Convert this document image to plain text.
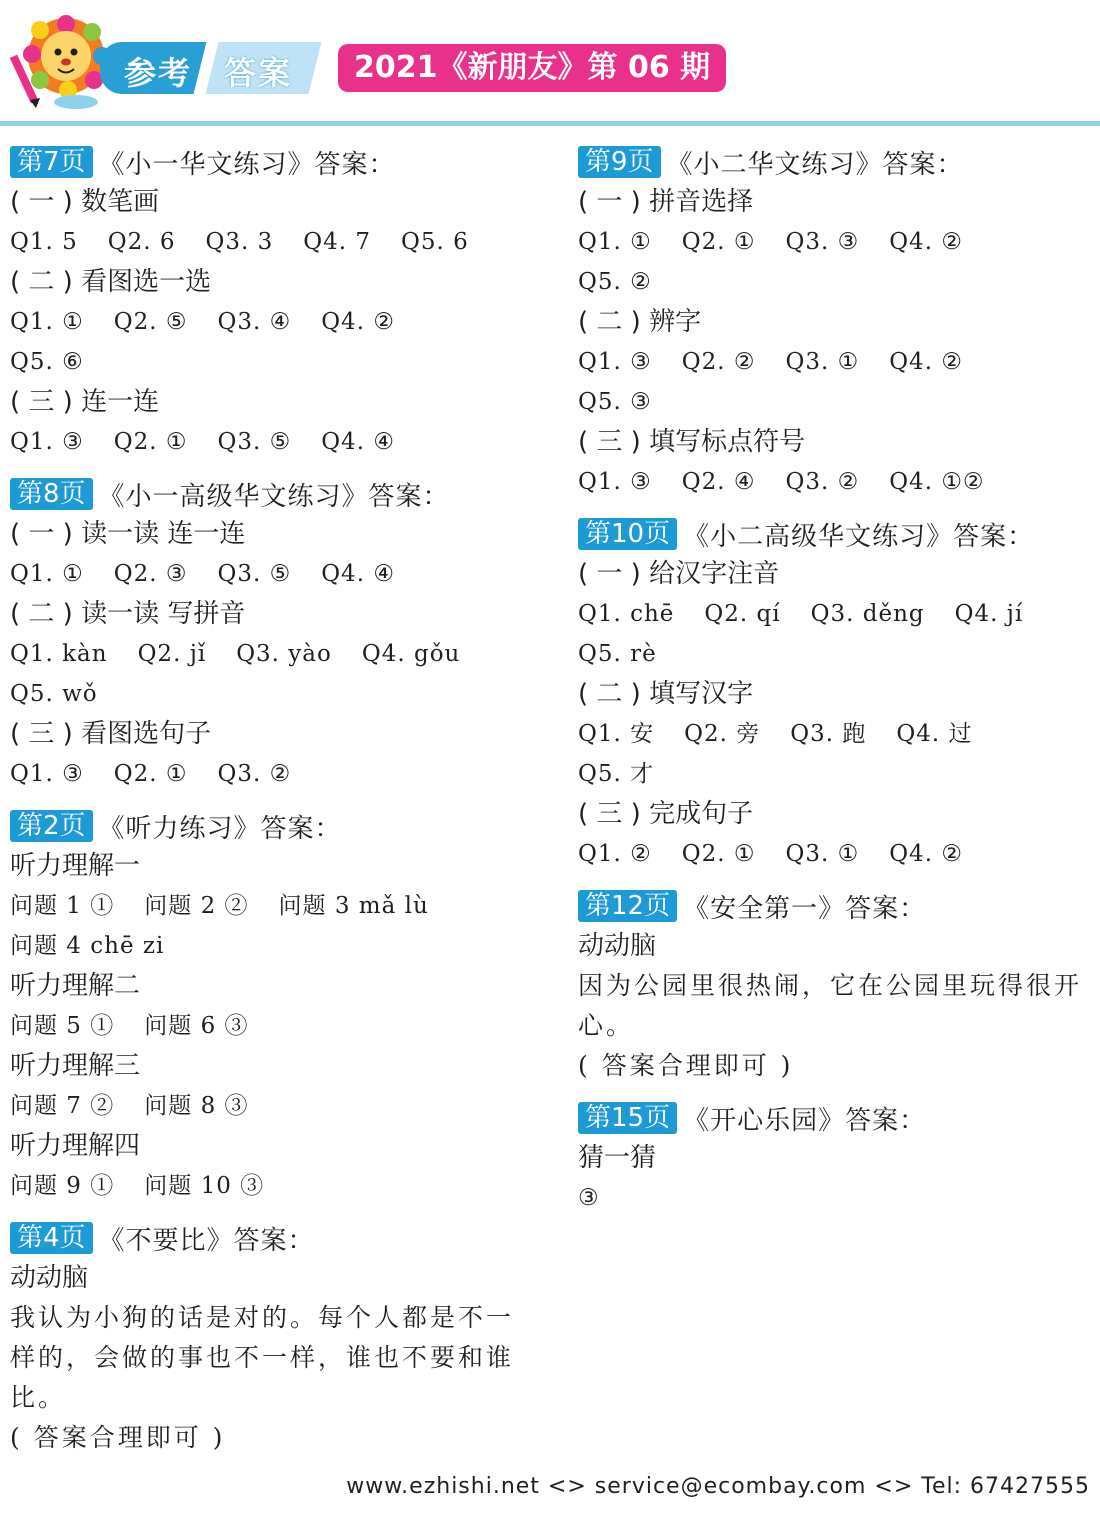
参考 答案	2021《新朋友》第 06 期
第7页 《小一华文练习》答案：
( 一 ) 数笔画
Q1. 5 Q2. 6 Q3. 3 Q4. 7 Q5. 6
( 二 ) 看图选一选
Q1. ① Q2. ⑤ Q3. ④ Q4. ②
Q5. ⑥
( 三 ) 连一连
Q1. ③ Q2. ① Q3. ⑤ Q4. ④
第8页 《小一高级华文练习》答案：
( 一 ) 读一读 连一连
Q1. ① Q2. ③ Q3. ⑤ Q4. ④
( 二 ) 读一读 写拼音
Q1. kàn Q2. jǐ Q3. yào Q4. gǒu
Q5. wǒ
( 三 ) 看图选句子
Q1. ③ Q2. ① Q3. ②
第2页 《听力练习》答案：
听力理解一
问题 1 ① 问题 2 ② 问题 3 mǎ lù
问题 4 chē zi
听力理解二
问题 5 ① 问题 6 ③
听力理解三
问题 7 ② 问题 8 ③
听力理解四
问题 9 ① 问题 10 ③
第4页 《不要比》答案：
动动脑
我认为小狗的话是对的。每个人都是不一样的，会做的事也不一样，谁也不要和谁比。
( 答案合理即可 )
第9页 《小二华文练习》答案：
( 一 ) 拼音选择
Q1. ① Q2. ① Q3. ③ Q4. ②
Q5. ②
( 二 ) 辨字
Q1. ③ Q2. ② Q3. ① Q4. ②
Q5. ③
( 三 ) 填写标点符号
Q1. ③ Q2. ④ Q3. ② Q4. ①②
第10页 《小二高级华文练习》答案：
( 一 ) 给汉字注音
Q1. chē Q2. qí Q3. děng Q4. jí
Q5. rè
( 二 ) 填写汉字
Q1. 安 Q2. 旁 Q3. 跑 Q4. 过
Q5. 才
( 三 ) 完成句子
Q1. ② Q2. ① Q3. ① Q4. ②
第12页 《安全第一》答案：
动动脑
因为公园里很热闹，它在公园里玩得很开心。
( 答案合理即可 )
第15页 《开心乐园》答案：
猜一猜
③
www.ezhishi.net <> service@ecombay.com <> Tel: 67427555
